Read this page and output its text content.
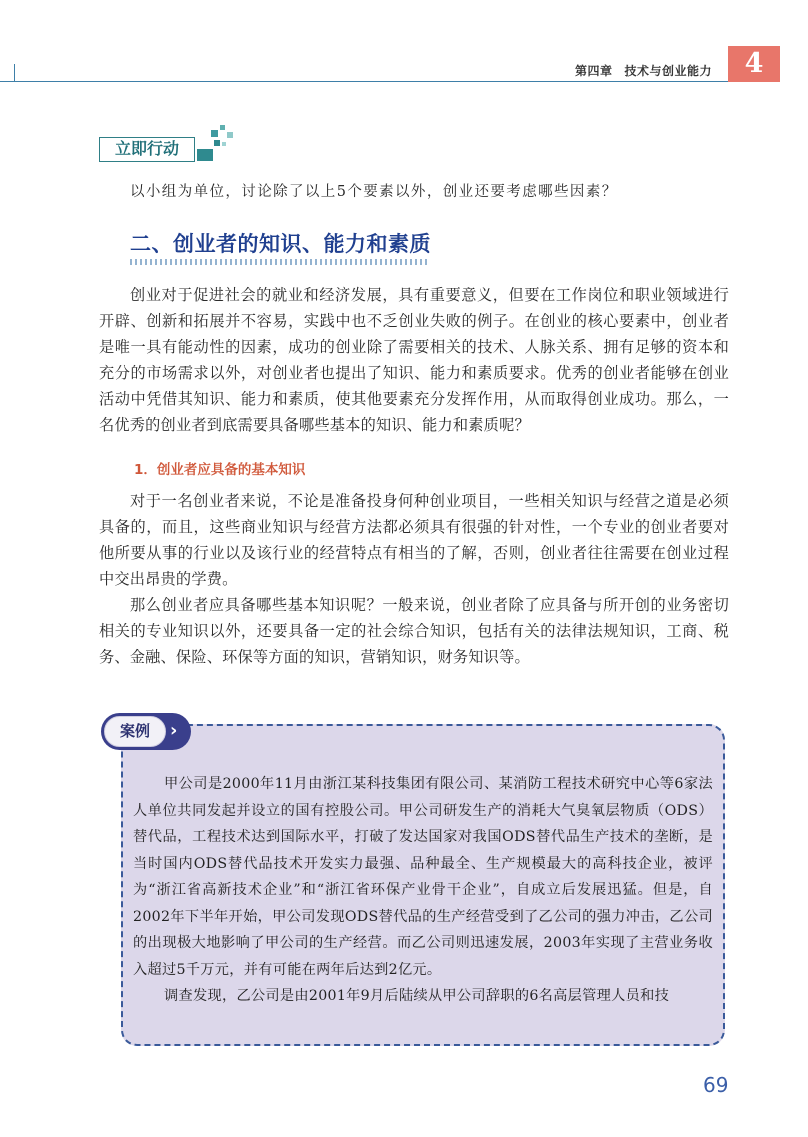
第四章 技术与创业能力	4
立即行动
以小组为单位，讨论除了以上5个要素以外，创业还要考虑哪些因素？
二、创业者的知识、能力和素质

创业对于促进社会的就业和经济发展，具有重要意义，但要在工作岗位和职业领域进行开辟、创新和拓展并不容易，实践中也不乏创业失败的例子。在创业的核心要素中，创业者是唯一具有能动性的因素，成功的创业除了需要相关的技术、人脉关系、拥有足够的资本和充分的市场需求以外，对创业者也提出了知识、能力和素质要求。优秀的创业者能够在创业活动中凭借其知识、能力和素质，使其他要素充分发挥作用，从而取得创业成功。那么，一名优秀的创业者到底需要具备哪些基本的知识、能力和素质呢？

1．创业者应具备的基本知识

对于一名创业者来说，不论是准备投身何种创业项目，一些相关知识与经营之道是必须具备的，而且，这些商业知识与经营方法都必须具有很强的针对性，一个专业的创业者要对他所要从事的行业以及该行业的经营特点有相当的了解，否则，创业者往往需要在创业过程中交出昂贵的学费。

那么创业者应具备哪些基本知识呢？一般来说，创业者除了应具备与所开创的业务密切相关的专业知识以外，还要具备一定的社会综合知识，包括有关的法律法规知识，工商、税务、金融、保险、环保等方面的知识，营销知识，财务知识等。

案例	›

甲公司是2000年11月由浙江某科技集团有限公司、某消防工程技术研究中心等6家法人单位共同发起并设立的国有控股公司。甲公司研发生产的消耗大气臭氧层物质（ODS）替代品，工程技术达到国际水平，打破了发达国家对我国ODS替代品生产技术的垄断，是当时国内ODS替代品技术开发实力最强、品种最全、生产规模最大的高科技企业，被评为“浙江省高新技术企业”和“浙江省环保产业骨干企业”，自成立后发展迅猛。但是，自2002年下半年开始，甲公司发现ODS替代品的生产经营受到了乙公司的强力冲击，乙公司的出现极大地影响了甲公司的生产经营。而乙公司则迅速发展，2003年实现了主营业务收入超过5千万元，并有可能在两年后达到2亿元。

调查发现，乙公司是由2001年9月后陆续从甲公司辞职的6名高层管理人员和技

69
